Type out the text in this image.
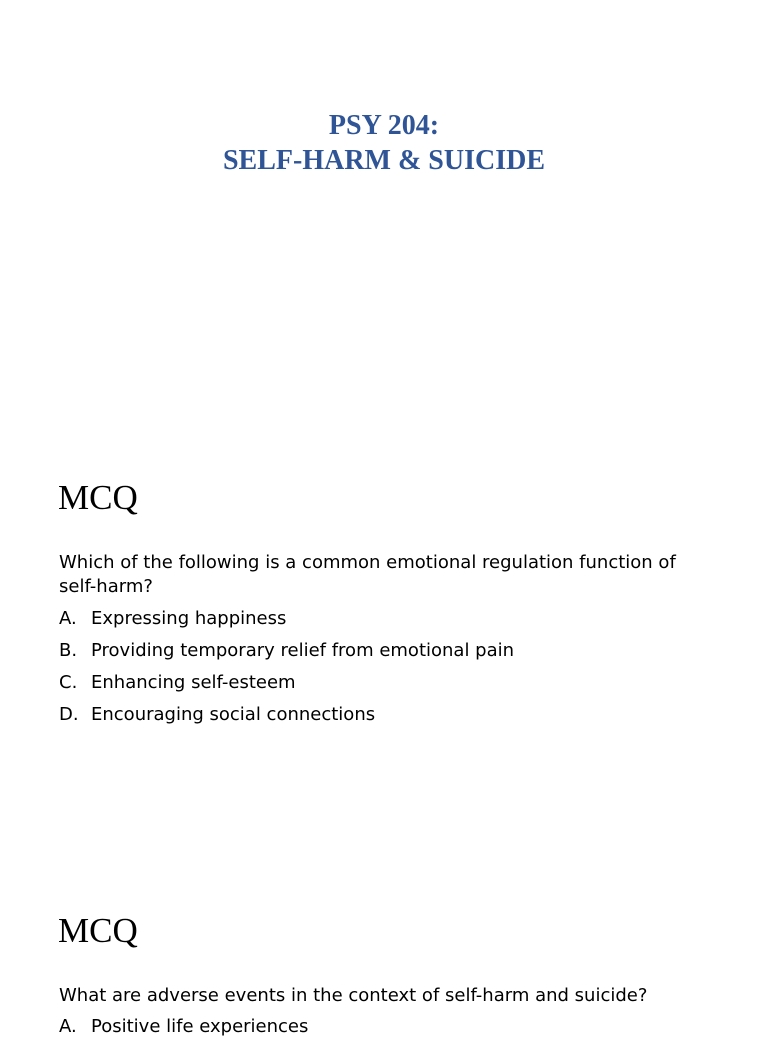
PSY 204:
SELF-HARM & SUICIDE
MCQ
Which of the following is a common emotional regulation function of self-harm?
A. Expressing happiness
B. Providing temporary relief from emotional pain
C. Enhancing self-esteem
D. Encouraging social connections
MCQ
What are adverse events in the context of self-harm and suicide?
A. Positive life experiences
